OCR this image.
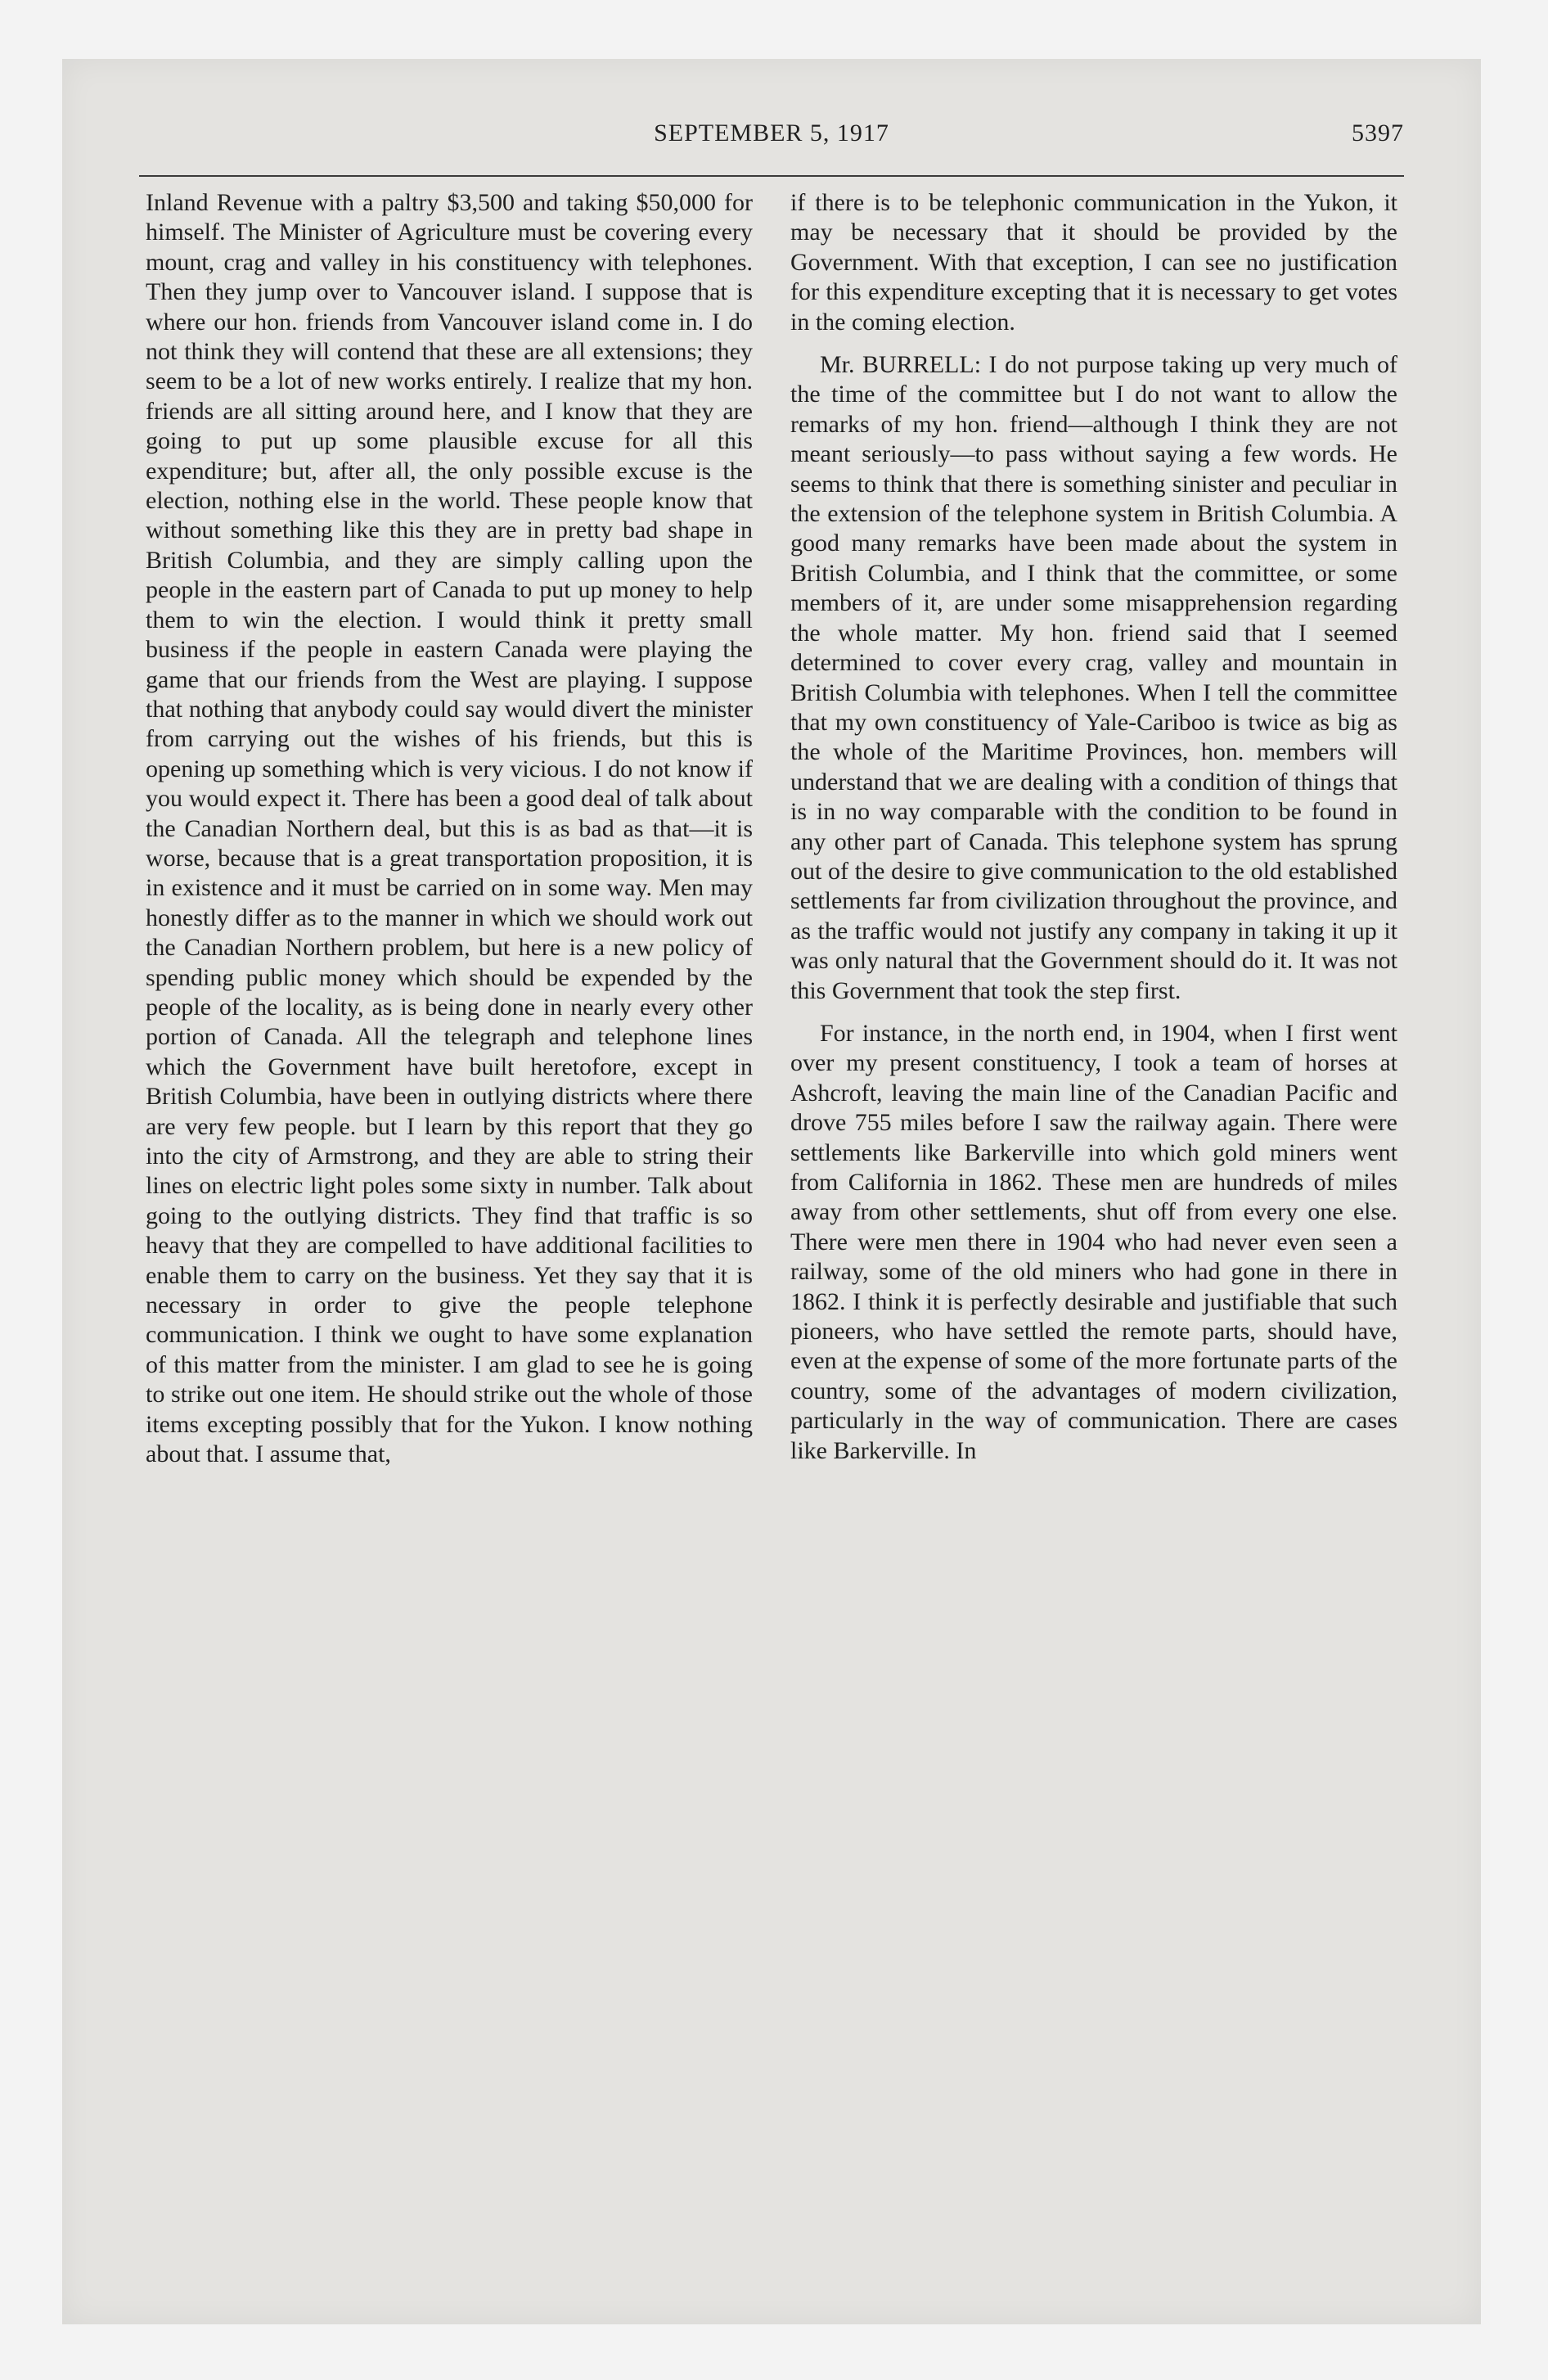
SEPTEMBER 5, 1917	5397

Inland Revenue with a paltry $3,500 and taking $50,000 for himself. The Minister of Agriculture must be covering every mount, crag and valley in his constituency with telephones. Then they jump over to Vancouver island. I suppose that is where our hon. friends from Vancouver island come in. I do not think they will contend that these are all extensions; they seem to be a lot of new works entirely. I realize that my hon. friends are all sitting around here, and I know that they are going to put up some plausible excuse for all this expenditure; but, after all, the only possible excuse is the election, nothing else in the world. These people know that without something like this they are in pretty bad shape in British Columbia, and they are simply calling upon the people in the eastern part of Canada to put up money to help them to win the election. I would think it pretty small business if the people in eastern Canada were playing the game that our friends from the West are playing. I suppose that nothing that anybody could say would divert the minister from carrying out the wishes of his friends, but this is opening up something which is very vicious. I do not know if you would expect it. There has been a good deal of talk about the Canadian Northern deal, but this is as bad as that—it is worse, because that is a great transportation proposition, it is in existence and it must be carried on in some way. Men may honestly differ as to the manner in which we should work out the Canadian Northern problem, but here is a new policy of spending public money which should be expended by the people of the locality, as is being done in nearly every other portion of Canada. All the telegraph and telephone lines which the Government have built heretofore, except in British Columbia, have been in outlying districts where there are very few people. but I learn by this report that they go into the city of Armstrong, and they are able to string their lines on electric light poles some sixty in number. Talk about going to the outlying districts. They find that traffic is so heavy that they are compelled to have additional facilities to enable them to carry on the business. Yet they say that it is necessary in order to give the people telephone communication. I think we ought to have some explanation of this matter from the minister. I am glad to see he is going to strike out one item. He should strike out the whole of those items excepting possibly that for the Yukon. I know nothing about that. I assume that,

if there is to be telephonic communication in the Yukon, it may be necessary that it should be provided by the Government. With that exception, I can see no justification for this expenditure excepting that it is necessary to get votes in the coming election.

Mr. BURRELL: I do not purpose taking up very much of the time of the committee but I do not want to allow the remarks of my hon. friend—although I think they are not meant seriously—to pass without saying a few words. He seems to think that there is something sinister and peculiar in the extension of the telephone system in British Columbia. A good many remarks have been made about the system in British Columbia, and I think that the committee, or some members of it, are under some misapprehension regarding the whole matter. My hon. friend said that I seemed determined to cover every crag, valley and mountain in British Columbia with telephones. When I tell the committee that my own constituency of Yale-Cariboo is twice as big as the whole of the Maritime Provinces, hon. members will understand that we are dealing with a condition of things that is in no way comparable with the condition to be found in any other part of Canada. This telephone system has sprung out of the desire to give communication to the old established settlements far from civilization throughout the province, and as the traffic would not justify any company in taking it up it was only natural that the Government should do it. It was not this Government that took the step first.

For instance, in the north end, in 1904, when I first went over my present constituency, I took a team of horses at Ashcroft, leaving the main line of the Canadian Pacific and drove 755 miles before I saw the railway again. There were settlements like Barkerville into which gold miners went from California in 1862. These men are hundreds of miles away from other settlements, shut off from every one else. There were men there in 1904 who had never even seen a railway, some of the old miners who had gone in there in 1862. I think it is perfectly desirable and justifiable that such pioneers, who have settled the remote parts, should have, even at the expense of some of the more fortunate parts of the country, some of the advantages of modern civilization, particularly in the way of communication. There are cases like Barkerville. In
